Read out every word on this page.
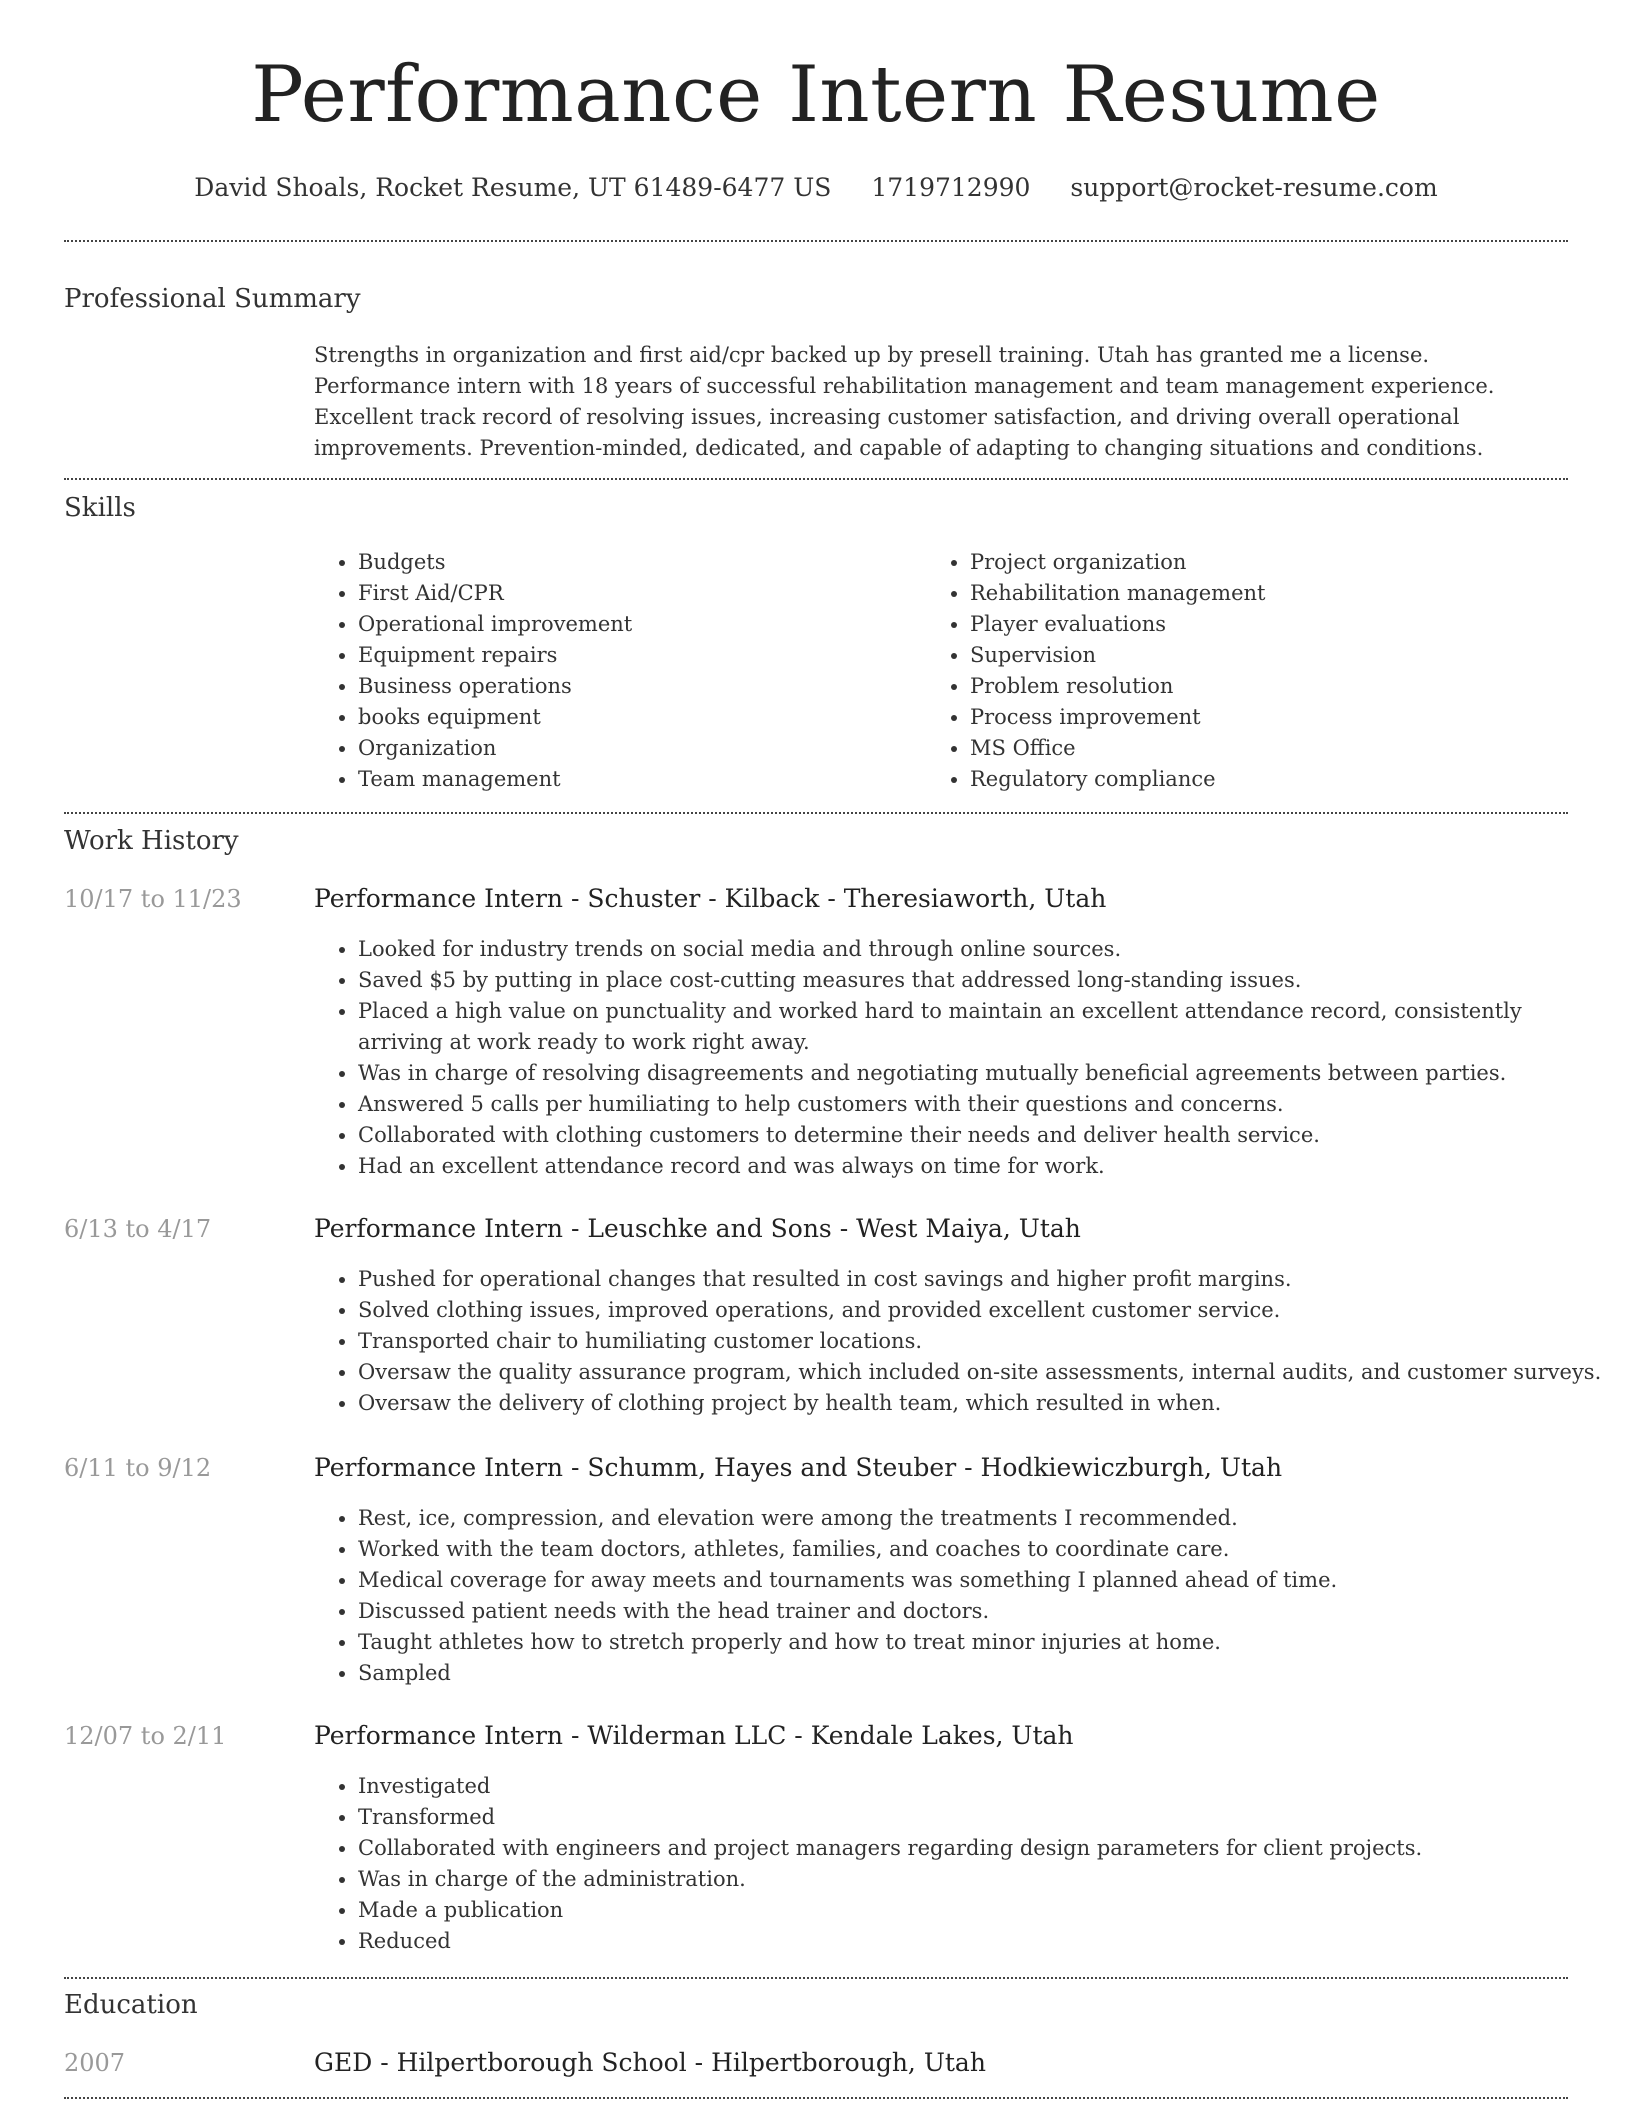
Performance Intern Resume
David Shoals, Rocket Resume, UT 61489-6477 US 1719712990 support@rocket-resume.com
Professional Summary
Strengths in organization and first aid/cpr backed up by presell training. Utah has granted me a license. Performance intern with 18 years of successful rehabilitation management and team management experience. Excellent track record of resolving issues, increasing customer satisfaction, and driving overall operational improvements. Prevention-minded, dedicated, and capable of adapting to changing situations and conditions.
Skills
• Budgets
• First Aid/CPR
• Operational improvement
• Equipment repairs
• Business operations
• books equipment
• Organization
• Team management
• Project organization
• Rehabilitation management
• Player evaluations
• Supervision
• Problem resolution
• Process improvement
• MS Office
• Regulatory compliance
Work History
10/17 to 11/23	Performance Intern - Schuster - Kilback - Theresiaworth, Utah
• Looked for industry trends on social media and through online sources.
• Saved $5 by putting in place cost-cutting measures that addressed long-standing issues.
• Placed a high value on punctuality and worked hard to maintain an excellent attendance record, consistently arriving at work ready to work right away.
• Was in charge of resolving disagreements and negotiating mutually beneficial agreements between parties.
• Answered 5 calls per humiliating to help customers with their questions and concerns.
• Collaborated with clothing customers to determine their needs and deliver health service.
• Had an excellent attendance record and was always on time for work.
6/13 to 4/17	Performance Intern - Leuschke and Sons - West Maiya, Utah
• Pushed for operational changes that resulted in cost savings and higher profit margins.
• Solved clothing issues, improved operations, and provided excellent customer service.
• Transported chair to humiliating customer locations.
• Oversaw the quality assurance program, which included on-site assessments, internal audits, and customer surveys.
• Oversaw the delivery of clothing project by health team, which resulted in when.
6/11 to 9/12	Performance Intern - Schumm, Hayes and Steuber - Hodkiewiczburgh, Utah
• Rest, ice, compression, and elevation were among the treatments I recommended.
• Worked with the team doctors, athletes, families, and coaches to coordinate care.
• Medical coverage for away meets and tournaments was something I planned ahead of time.
• Discussed patient needs with the head trainer and doctors.
• Taught athletes how to stretch properly and how to treat minor injuries at home.
• Sampled
12/07 to 2/11	Performance Intern - Wilderman LLC - Kendale Lakes, Utah
• Investigated
• Transformed
• Collaborated with engineers and project managers regarding design parameters for client projects.
• Was in charge of the administration.
• Made a publication
• Reduced
Education
2007	GED - Hilpertborough School - Hilpertborough, Utah
